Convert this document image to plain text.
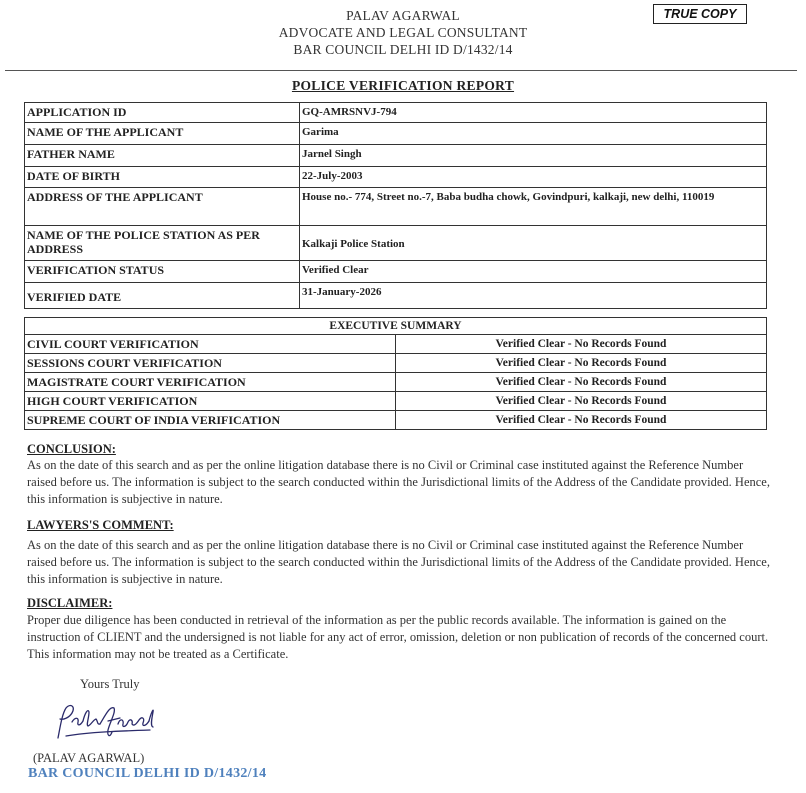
PALAV AGARWAL
ADVOCATE AND LEGAL CONSULTANT
BAR COUNCIL DELHI ID D/1432/14
TRUE COPY
POLICE VERIFICATION REPORT
APPLICATION ID	GQ-AMRSNVJ-794
NAME OF THE APPLICANT	Garima
FATHER NAME	Jarnel Singh
DATE OF BIRTH	22-July-2003
ADDRESS OF THE APPLICANT	House no.- 774, Street no.-7, Baba budha chowk, Govindpuri, kalkaji, new delhi, 110019
NAME OF THE POLICE STATION AS PER ADDRESS	Kalkaji Police Station
VERIFICATION STATUS	Verified Clear
VERIFIED DATE	31-January-2026
EXECUTIVE SUMMARY	
CIVIL COURT VERIFICATION	Verified Clear - No Records Found
SESSIONS COURT VERIFICATION	Verified Clear - No Records Found
MAGISTRATE COURT VERIFICATION	Verified Clear - No Records Found
HIGH COURT VERIFICATION	Verified Clear - No Records Found
SUPREME COURT OF INDIA VERIFICATION	Verified Clear - No Records Found
CONCLUSION:
As on the date of this search and as per the online litigation database there is no Civil or Criminal case instituted against the Reference Number raised before us. The information is subject to the search conducted within the Jurisdictional limits of the Address of the Candidate provided. Hence, this information is subjective in nature.
LAWYERS'S COMMENT:
As on the date of this search and as per the online litigation database there is no Civil or Criminal case instituted against the Reference Number raised before us. The information is subject to the search conducted within the Jurisdictional limits of the Address of the Candidate provided. Hence, this information is subjective in nature.
DISCLAIMER:
Proper due diligence has been conducted in retrieval of the information as per the public records available. The information is gained on the instruction of CLIENT and the undersigned is not liable for any act of error, omission, deletion or non publication of records of the concerned court. This information may not be treated as a Certificate.
Yours Truly
(PALAV AGARWAL)
BAR COUNCIL DELHI ID D/1432/14
